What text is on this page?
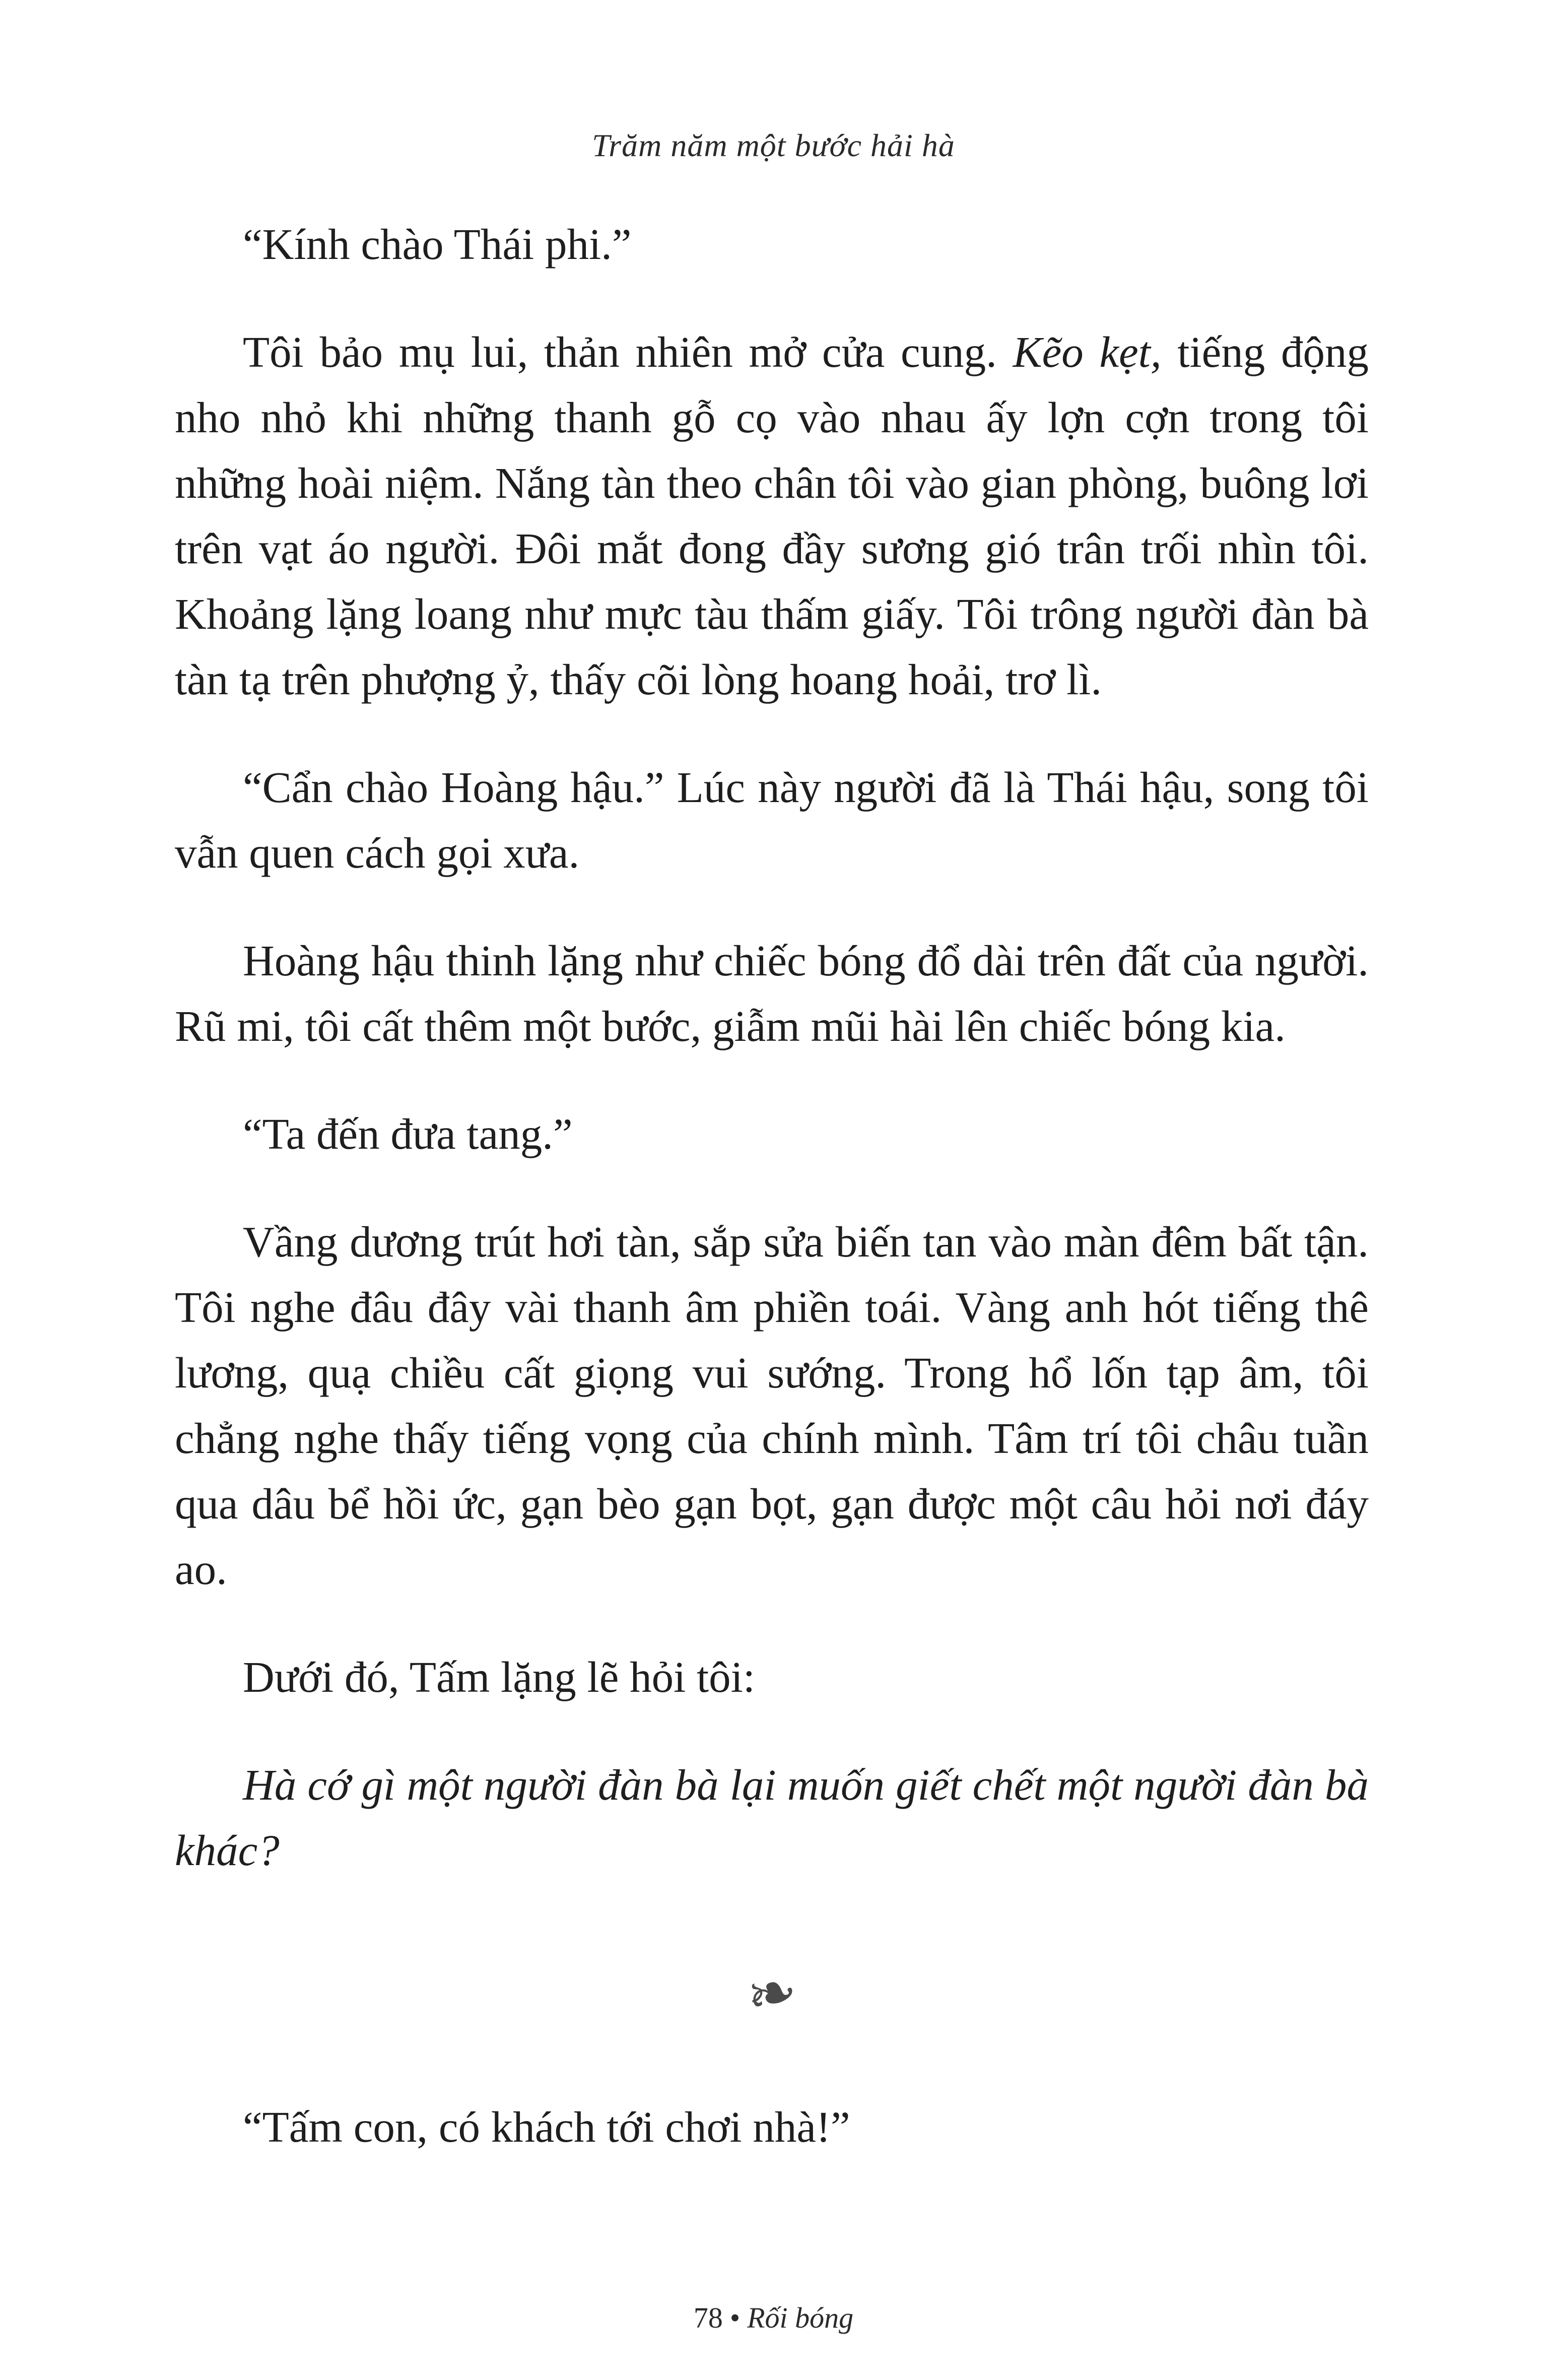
Trăm năm một bước hải hà

“Kính chào Thái phi.”

Tôi bảo mụ lui, thản nhiên mở cửa cung. Kẽo kẹt, tiếng động nho nhỏ khi những thanh gỗ cọ vào nhau ấy lợn cợn trong tôi những hoài niệm. Nắng tàn theo chân tôi vào gian phòng, buông lơi trên vạt áo người. Đôi mắt đong đầy sương gió trân trối nhìn tôi. Khoảng lặng loang như mực tàu thấm giấy. Tôi trông người đàn bà tàn tạ trên phượng ỷ, thấy cõi lòng hoang hoải, trơ lì.

“Cẩn chào Hoàng hậu.” Lúc này người đã là Thái hậu, song tôi vẫn quen cách gọi xưa.

Hoàng hậu thinh lặng như chiếc bóng đổ dài trên đất của người. Rũ mi, tôi cất thêm một bước, giẫm mũi hài lên chiếc bóng kia.

“Ta đến đưa tang.”

Vầng dương trút hơi tàn, sắp sửa biến tan vào màn đêm bất tận. Tôi nghe đâu đây vài thanh âm phiền toái. Vàng anh hót tiếng thê lương, quạ chiều cất giọng vui sướng. Trong hổ lốn tạp âm, tôi chẳng nghe thấy tiếng vọng của chính mình. Tâm trí tôi châu tuần qua dâu bể hồi ức, gạn bèo gạn bọt, gạn được một câu hỏi nơi đáy ao.

Dưới đó, Tấm lặng lẽ hỏi tôi:

Hà cớ gì một người đàn bà lại muốn giết chết một người đàn bà khác?

❧

“Tấm con, có khách tới chơi nhà!”

78 • Rối bóng
